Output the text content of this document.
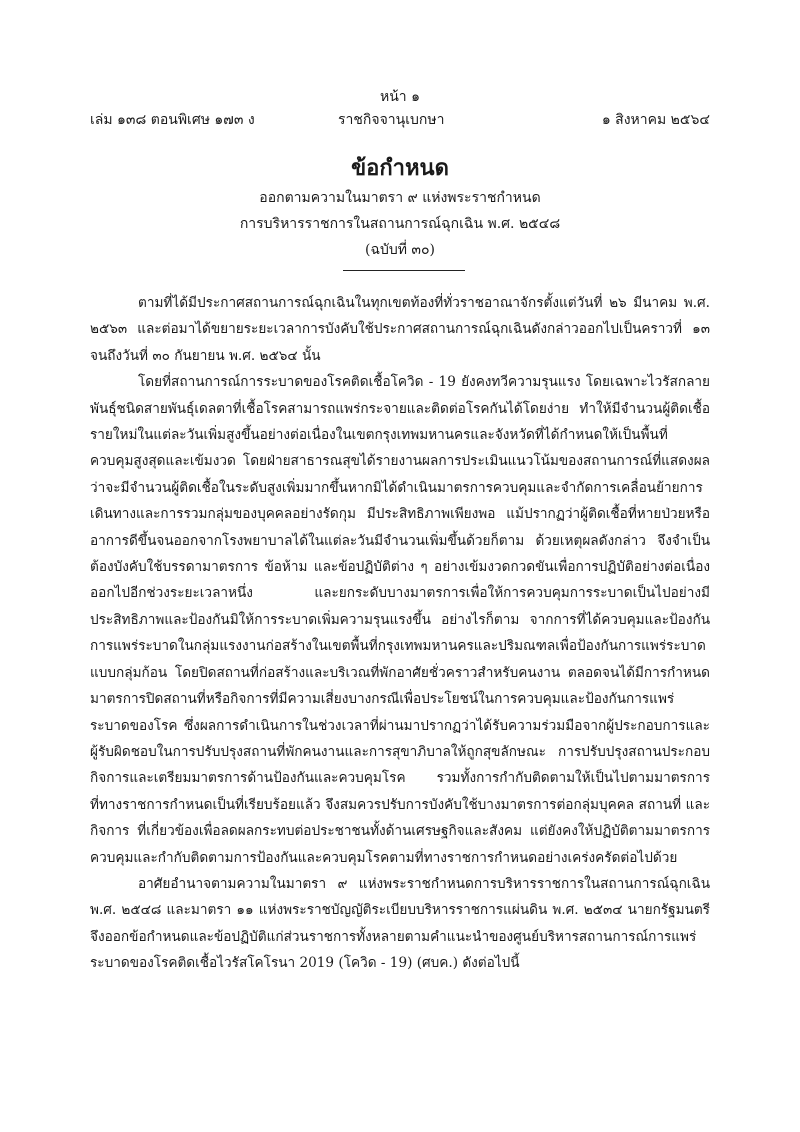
หน้า ๑
เล่ม ๑๓๘ ตอนพิเศษ ๑๗๓ ง	ราชกิจจานุเบกษา	๑ สิงหาคม ๒๕๖๔
ข้อกำหนด
ออกตามความในมาตรา ๙ แห่งพระราชกำหนด
การบริหารราชการในสถานการณ์ฉุกเฉิน พ.ศ. ๒๕๔๘
(ฉบับที่ ๓๐)

ตามที่ได้มีประกาศสถานการณ์ฉุกเฉินในทุกเขตท้องที่ทั่วราชอาณาจักรตั้งแต่วันที่ ๒๖ มีนาคม พ.ศ. ๒๕๖๓ และต่อมาได้ขยายระยะเวลาการบังคับใช้ประกาศสถานการณ์ฉุกเฉินดังกล่าวออกไปเป็นคราวที่ ๑๓ จนถึงวันที่ ๓๐ กันยายน พ.ศ. ๒๕๖๔ นั้น

โดยที่สถานการณ์การระบาดของโรคติดเชื้อโควิด - 19 ยังคงทวีความรุนแรง โดยเฉพาะไวรัสกลายพันธุ์ชนิดสายพันธุ์เดลตาที่เชื้อโรคสามารถแพร่กระจายและติดต่อโรคกันได้โดยง่าย ทำให้มีจำนวนผู้ติดเชื้อรายใหม่ในแต่ละวันเพิ่มสูงขึ้นอย่างต่อเนื่องในเขตกรุงเทพมหานครและจังหวัดที่ได้กำหนดให้เป็นพื้นที่ควบคุมสูงสุดและเข้มงวด โดยฝ่ายสาธารณสุขได้รายงานผลการประเมินแนวโน้มของสถานการณ์ที่แสดงผลว่าจะมีจำนวนผู้ติดเชื้อในระดับสูงเพิ่มมากขึ้นหากมิได้ดำเนินมาตรการควบคุมและจำกัดการเคลื่อนย้ายการเดินทางและการรวมกลุ่มของบุคคลอย่างรัดกุม มีประสิทธิภาพเพียงพอ แม้ปรากฏว่าผู้ติดเชื้อที่หายป่วยหรืออาการดีขึ้นจนออกจากโรงพยาบาลได้ในแต่ละวันมีจำนวนเพิ่มขึ้นด้วยก็ตาม ด้วยเหตุผลดังกล่าว จึงจำเป็นต้องบังคับใช้บรรดามาตรการ ข้อห้าม และข้อปฏิบัติต่าง ๆ อย่างเข้มงวดกวดขันเพื่อการปฏิบัติอย่างต่อเนื่องออกไปอีกช่วงระยะเวลาหนึ่ง และยกระดับบางมาตรการเพื่อให้การควบคุมการระบาดเป็นไปอย่างมีประสิทธิภาพและป้องกันมิให้การระบาดเพิ่มความรุนแรงขึ้น อย่างไรก็ตาม จากการที่ได้ควบคุมและป้องกันการแพร่ระบาดในกลุ่มแรงงานก่อสร้างในเขตพื้นที่กรุงเทพมหานครและปริมณฑลเพื่อป้องกันการแพร่ระบาดแบบกลุ่มก้อน โดยปิดสถานที่ก่อสร้างและบริเวณที่พักอาศัยชั่วคราวสำหรับคนงาน ตลอดจนได้มีการกำหนดมาตรการปิดสถานที่หรือกิจการที่มีความเสี่ยงบางกรณีเพื่อประโยชน์ในการควบคุมและป้องกันการแพร่ระบาดของโรค ซึ่งผลการดำเนินการในช่วงเวลาที่ผ่านมาปรากฏว่าได้รับความร่วมมือจากผู้ประกอบการและผู้รับผิดชอบในการปรับปรุงสถานที่พักคนงานและการสุขาภิบาลให้ถูกสุขลักษณะ การปรับปรุงสถานประกอบกิจการและเตรียมมาตรการด้านป้องกันและควบคุมโรค รวมทั้งการกำกับติดตามให้เป็นไปตามมาตรการที่ทางราชการกำหนดเป็นที่เรียบร้อยแล้ว จึงสมควรปรับการบังคับใช้บางมาตรการต่อกลุ่มบุคคล สถานที่ และกิจการ ที่เกี่ยวข้องเพื่อลดผลกระทบต่อประชาชนทั้งด้านเศรษฐกิจและสังคม แต่ยังคงให้ปฏิบัติตามมาตรการควบคุมและกำกับติดตามการป้องกันและควบคุมโรคตามที่ทางราชการกำหนดอย่างเคร่งครัดต่อไปด้วย

อาศัยอำนาจตามความในมาตรา ๙ แห่งพระราชกำหนดการบริหารราชการในสถานการณ์ฉุกเฉิน พ.ศ. ๒๕๔๘ และมาตรา ๑๑ แห่งพระราชบัญญัติระเบียบบริหารราชการแผ่นดิน พ.ศ. ๒๕๓๔ นายกรัฐมนตรีจึงออกข้อกำหนดและข้อปฏิบัติแก่ส่วนราชการทั้งหลายตามคำแนะนำของศูนย์บริหารสถานการณ์การแพร่ระบาดของโรคติดเชื้อไวรัสโคโรนา 2019 (โควิด - 19) (ศบค.) ดังต่อไปนี้
